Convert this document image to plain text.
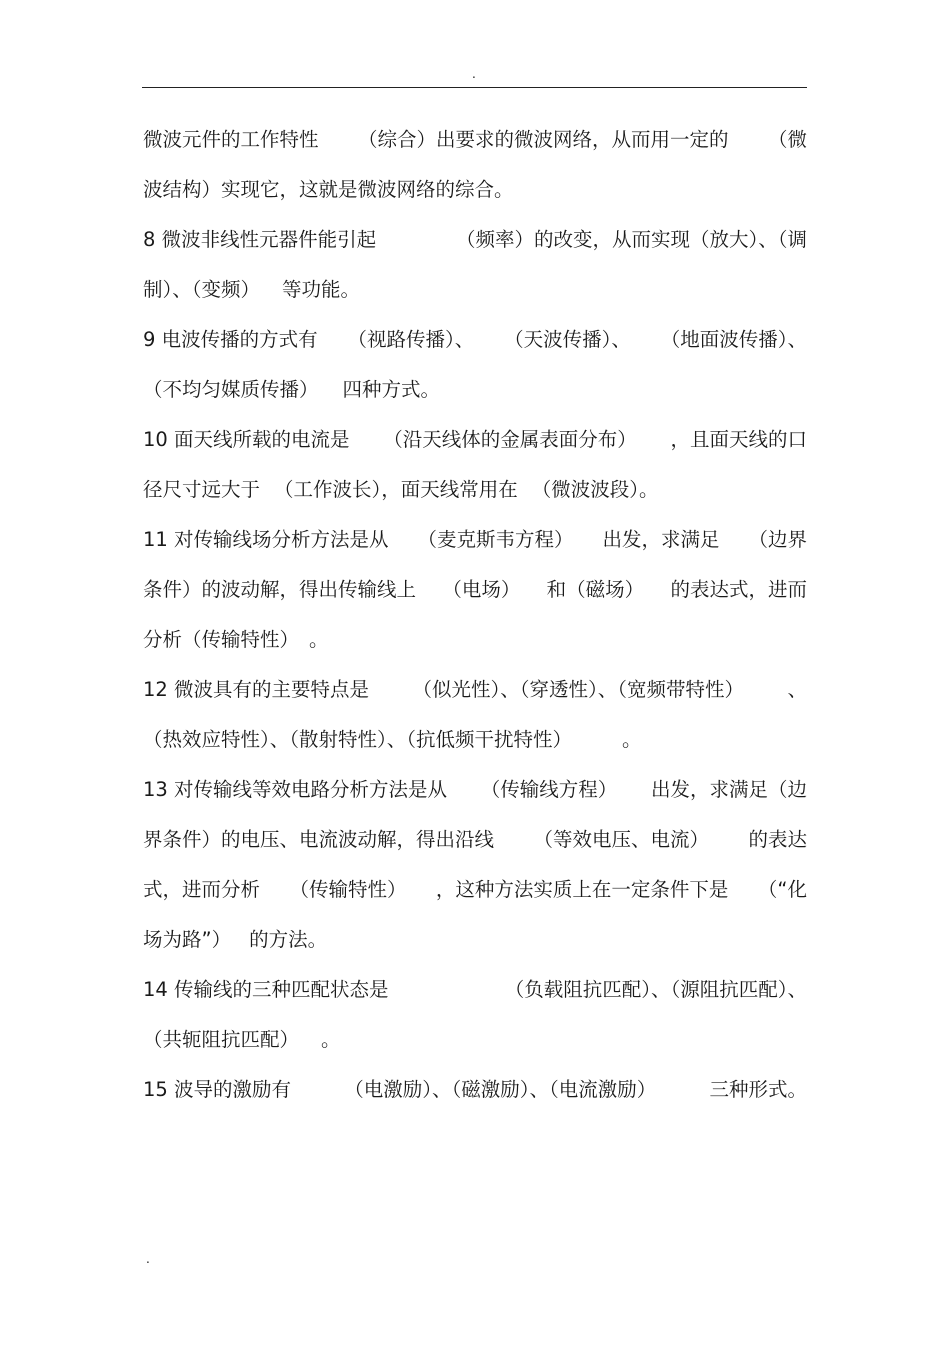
.
微波元件的工作特性 （综合）出要求的微波网络，从而用一定的 （微
波结构）实现它，这就是微波网络的综合。
8 微波非线性元器件能引起	（频率）的改变，从而实现（放大）、（调
制）、（变频） 等功能。
9 电波传播的方式有 （视路传播）、 （天波传播）、 （地面波传播）、
（不均匀媒质传播） 四种方式。
10 面天线所载的电流是 （沿天线体的金属表面分布） ，且面天线的口
径尺寸远大于 （工作波长），面天线常用在 （微波波段）。
11 对传输线场分析方法是从 （麦克斯韦方程） 出发，求满足 （边界
条件）的波动解，得出传输线上 （电场） 和（磁场） 的表达式，进而
分析（传输特性） 。
12 微波具有的主要特点是 （似光性）、（穿透性）、（宽频带特性） 、
（热效应特性）、（散射特性）、（抗低频干扰特性）	。
13 对传输线等效电路分析方法是从 （传输线方程） 出发，求满足（边
界条件）的电压、电流波动解，得出沿线 （等效电压、电流） 的表达
式，进而分析 （传输特性） ，这种方法实质上在一定条件下是 （“化
场为路”） 的方法。
14 传输线的三种匹配状态是	（负载阻抗匹配）、（源阻抗匹配）、
（共轭阻抗匹配） 。
15 波导的激励有	（电激励）、（磁激励）、（电流激励）	三种形式。
.
